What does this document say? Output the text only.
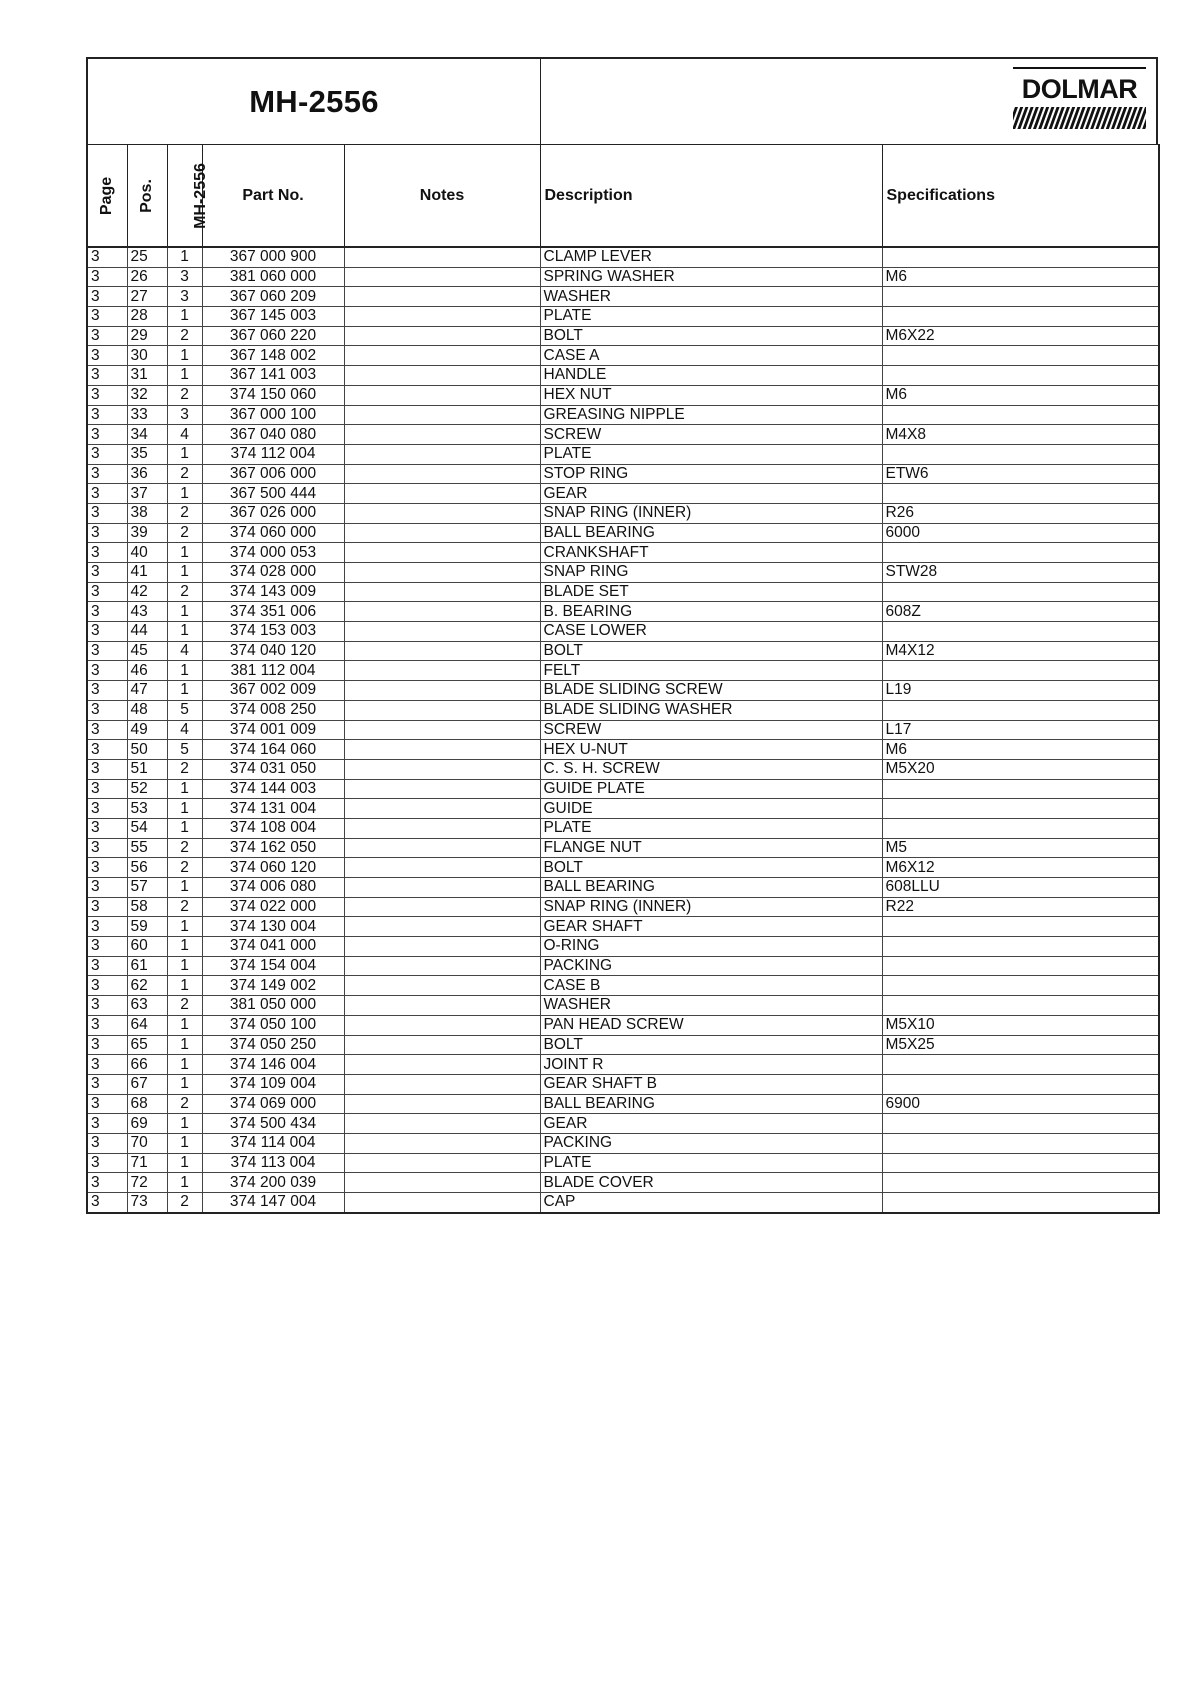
MH-2556	DOLMAR
Page	Pos.	MH-2556	Part No.	Notes	Description	Specifications
3	25	1	367 000 900		CLAMP LEVER	
3	26	3	381 060 000		SPRING WASHER	M6
3	27	3	367 060 209		WASHER	
3	28	1	367 145 003		PLATE	
3	29	2	367 060 220		BOLT	M6X22
3	30	1	367 148 002		CASE A	
3	31	1	367 141 003		HANDLE	
3	32	2	374 150 060		HEX NUT	M6
3	33	3	367 000 100		GREASING NIPPLE	
3	34	4	367 040 080		SCREW	M4X8
3	35	1	374 112 004		PLATE	
3	36	2	367 006 000		STOP RING	ETW6
3	37	1	367 500 444		GEAR	
3	38	2	367 026 000		SNAP RING (INNER)	R26
3	39	2	374 060 000		BALL BEARING	6000
3	40	1	374 000 053		CRANKSHAFT	
3	41	1	374 028 000		SNAP RING	STW28
3	42	2	374 143 009		BLADE SET	
3	43	1	374 351 006		B. BEARING	608Z
3	44	1	374 153 003		CASE LOWER	
3	45	4	374 040 120		BOLT	M4X12
3	46	1	381 112 004		FELT	
3	47	1	367 002 009		BLADE SLIDING SCREW	L19
3	48	5	374 008 250		BLADE SLIDING WASHER	
3	49	4	374 001 009		SCREW	L17
3	50	5	374 164 060		HEX U-NUT	M6
3	51	2	374 031 050		C. S. H. SCREW	M5X20
3	52	1	374 144 003		GUIDE PLATE	
3	53	1	374 131 004		GUIDE	
3	54	1	374 108 004		PLATE	
3	55	2	374 162 050		FLANGE NUT	M5
3	56	2	374 060 120		BOLT	M6X12
3	57	1	374 006 080		BALL BEARING	608LLU
3	58	2	374 022 000		SNAP RING (INNER)	R22
3	59	1	374 130 004		GEAR SHAFT	
3	60	1	374 041 000		O-RING	
3	61	1	374 154 004		PACKING	
3	62	1	374 149 002		CASE B	
3	63	2	381 050 000		WASHER	
3	64	1	374 050 100		PAN HEAD SCREW	M5X10
3	65	1	374 050 250		BOLT	M5X25
3	66	1	374 146 004		JOINT R	
3	67	1	374 109 004		GEAR SHAFT B	
3	68	2	374 069 000		BALL BEARING	6900
3	69	1	374 500 434		GEAR	
3	70	1	374 114 004		PACKING	
3	71	1	374 113 004		PLATE	
3	72	1	374 200 039		BLADE COVER	
3	73	2	374 147 004		CAP	
